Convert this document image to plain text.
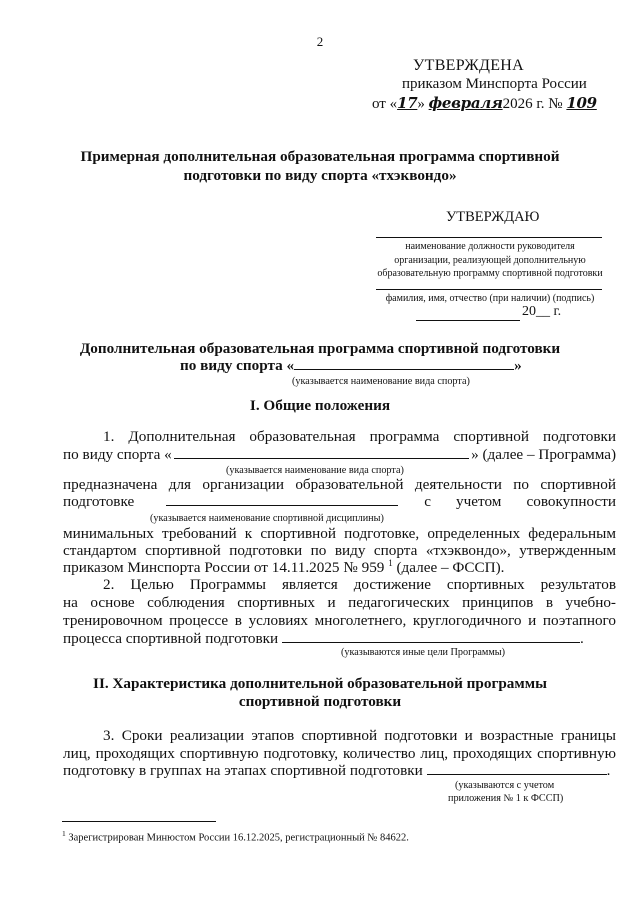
2
УТВЕРЖДЕНА
приказом Минспорта России
от «17» февраля2026 г. № 109
Примерная дополнительная образовательная программа спортивной
подготовки по виду спорта «тхэквондо»
УТВЕРЖДАЮ
наименование должности руководителя
организации, реализующей дополнительную
образовательную программу спортивной подготовки
фамилия, имя, отчество (при наличии) (подпись)
20__ г.
Дополнительная образовательная программа спортивной подготовки
по виду спорта «	»
(указывается наименование вида спорта)
I. Общие положения
1. Дополнительная образовательная программа спортивной подготовки
по виду спорта «	» (далее – Программа)
(указывается наименование вида спорта)
предназначена для организации образовательной деятельности по спортивной
подготовке	с учетом совокупности
(указывается наименование спортивной дисциплины)
минимальных требований к спортивной подготовке, определенных федеральным
стандартом спортивной подготовки по виду спорта «тхэквондо», утвержденным
приказом Минспорта России от 14.11.2025 № 959 $^1$ (далее – ФССП).
2. Целью Программы является достижение спортивных результатов
на основе соблюдения спортивных и педагогических принципов в учебно-
тренировочном процессе в условиях многолетнего, круглогодичного и поэтапного
процесса спортивной подготовки	.
(указываются иные цели Программы)
II. Характеристика дополнительной образовательной программы
спортивной подготовки
3. Сроки реализации этапов спортивной подготовки и возрастные границы
лиц, проходящих спортивную подготовку, количество лиц, проходящих спортивную
подготовку в группах на этапах спортивной подготовки	.
(указываются с учетом
приложения № 1 к ФССП)
$^1$ Зарегистрирован Минюстом России 16.12.2025, регистрационный № 84622.
